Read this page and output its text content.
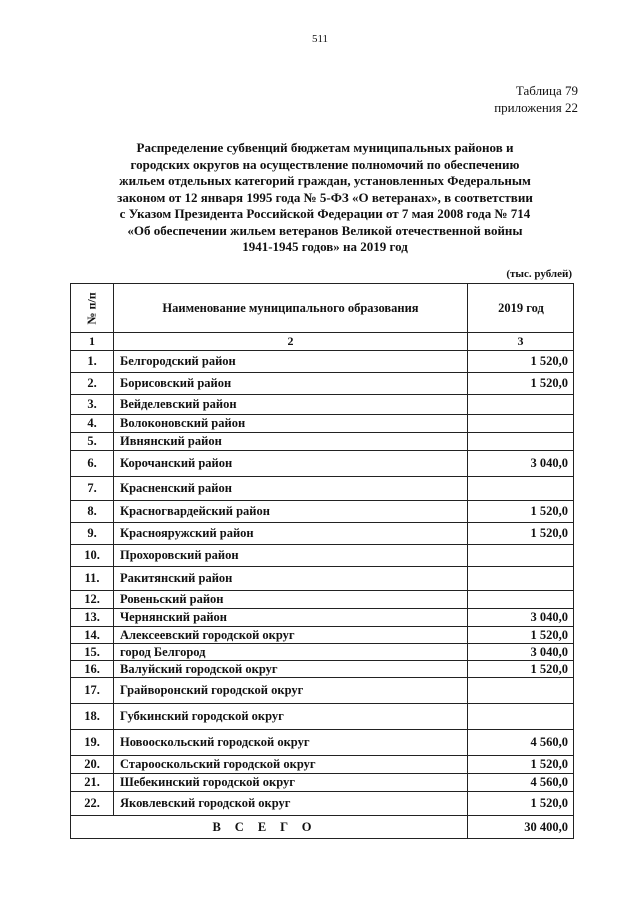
511
Таблица 79
приложения 22
Распределение субвенций бюджетам муниципальных районов и
городских округов на осуществление полномочий по обеспечению
жильем отдельных категорий граждан, установленных Федеральным
законом от 12 января 1995 года № 5-ФЗ «О ветеранах», в соответствии
с Указом Президента Российской Федерации от 7 мая 2008 года № 714
«Об обеспечении жильем ветеранов Великой отечественной войны
1941-1945 годов» на 2019 год
(тыс. рублей)
№ п/п	Наименование муниципального образования	2019 год
1	2	3
1.	Белгородский район	1 520,0
2.	Борисовский район	1 520,0
3.	Вейделевский район	
4.	Волоконовский район	
5.	Ивнянский район	
6.	Корочанский район	3 040,0
7.	Красненский район	
8.	Красногвардейский район	1 520,0
9.	Краснояружский район	1 520,0
10.	Прохоровский район	
11.	Ракитянский район	
12.	Ровеньский район	
13.	Чернянский район	3 040,0
14.	Алексеевский городской округ	1 520,0
15.	город Белгород	3 040,0
16.	Валуйский городской округ	1 520,0
17.	Грайворонский городской округ	
18.	Губкинский городской округ	
19.	Новооскольский городской округ	4 560,0
20.	Старооскольский городской округ	1 520,0
21.	Шебекинский городской округ	4 560,0
22.	Яковлевский городской округ	1 520,0
ВСЕГО		30 400,0
